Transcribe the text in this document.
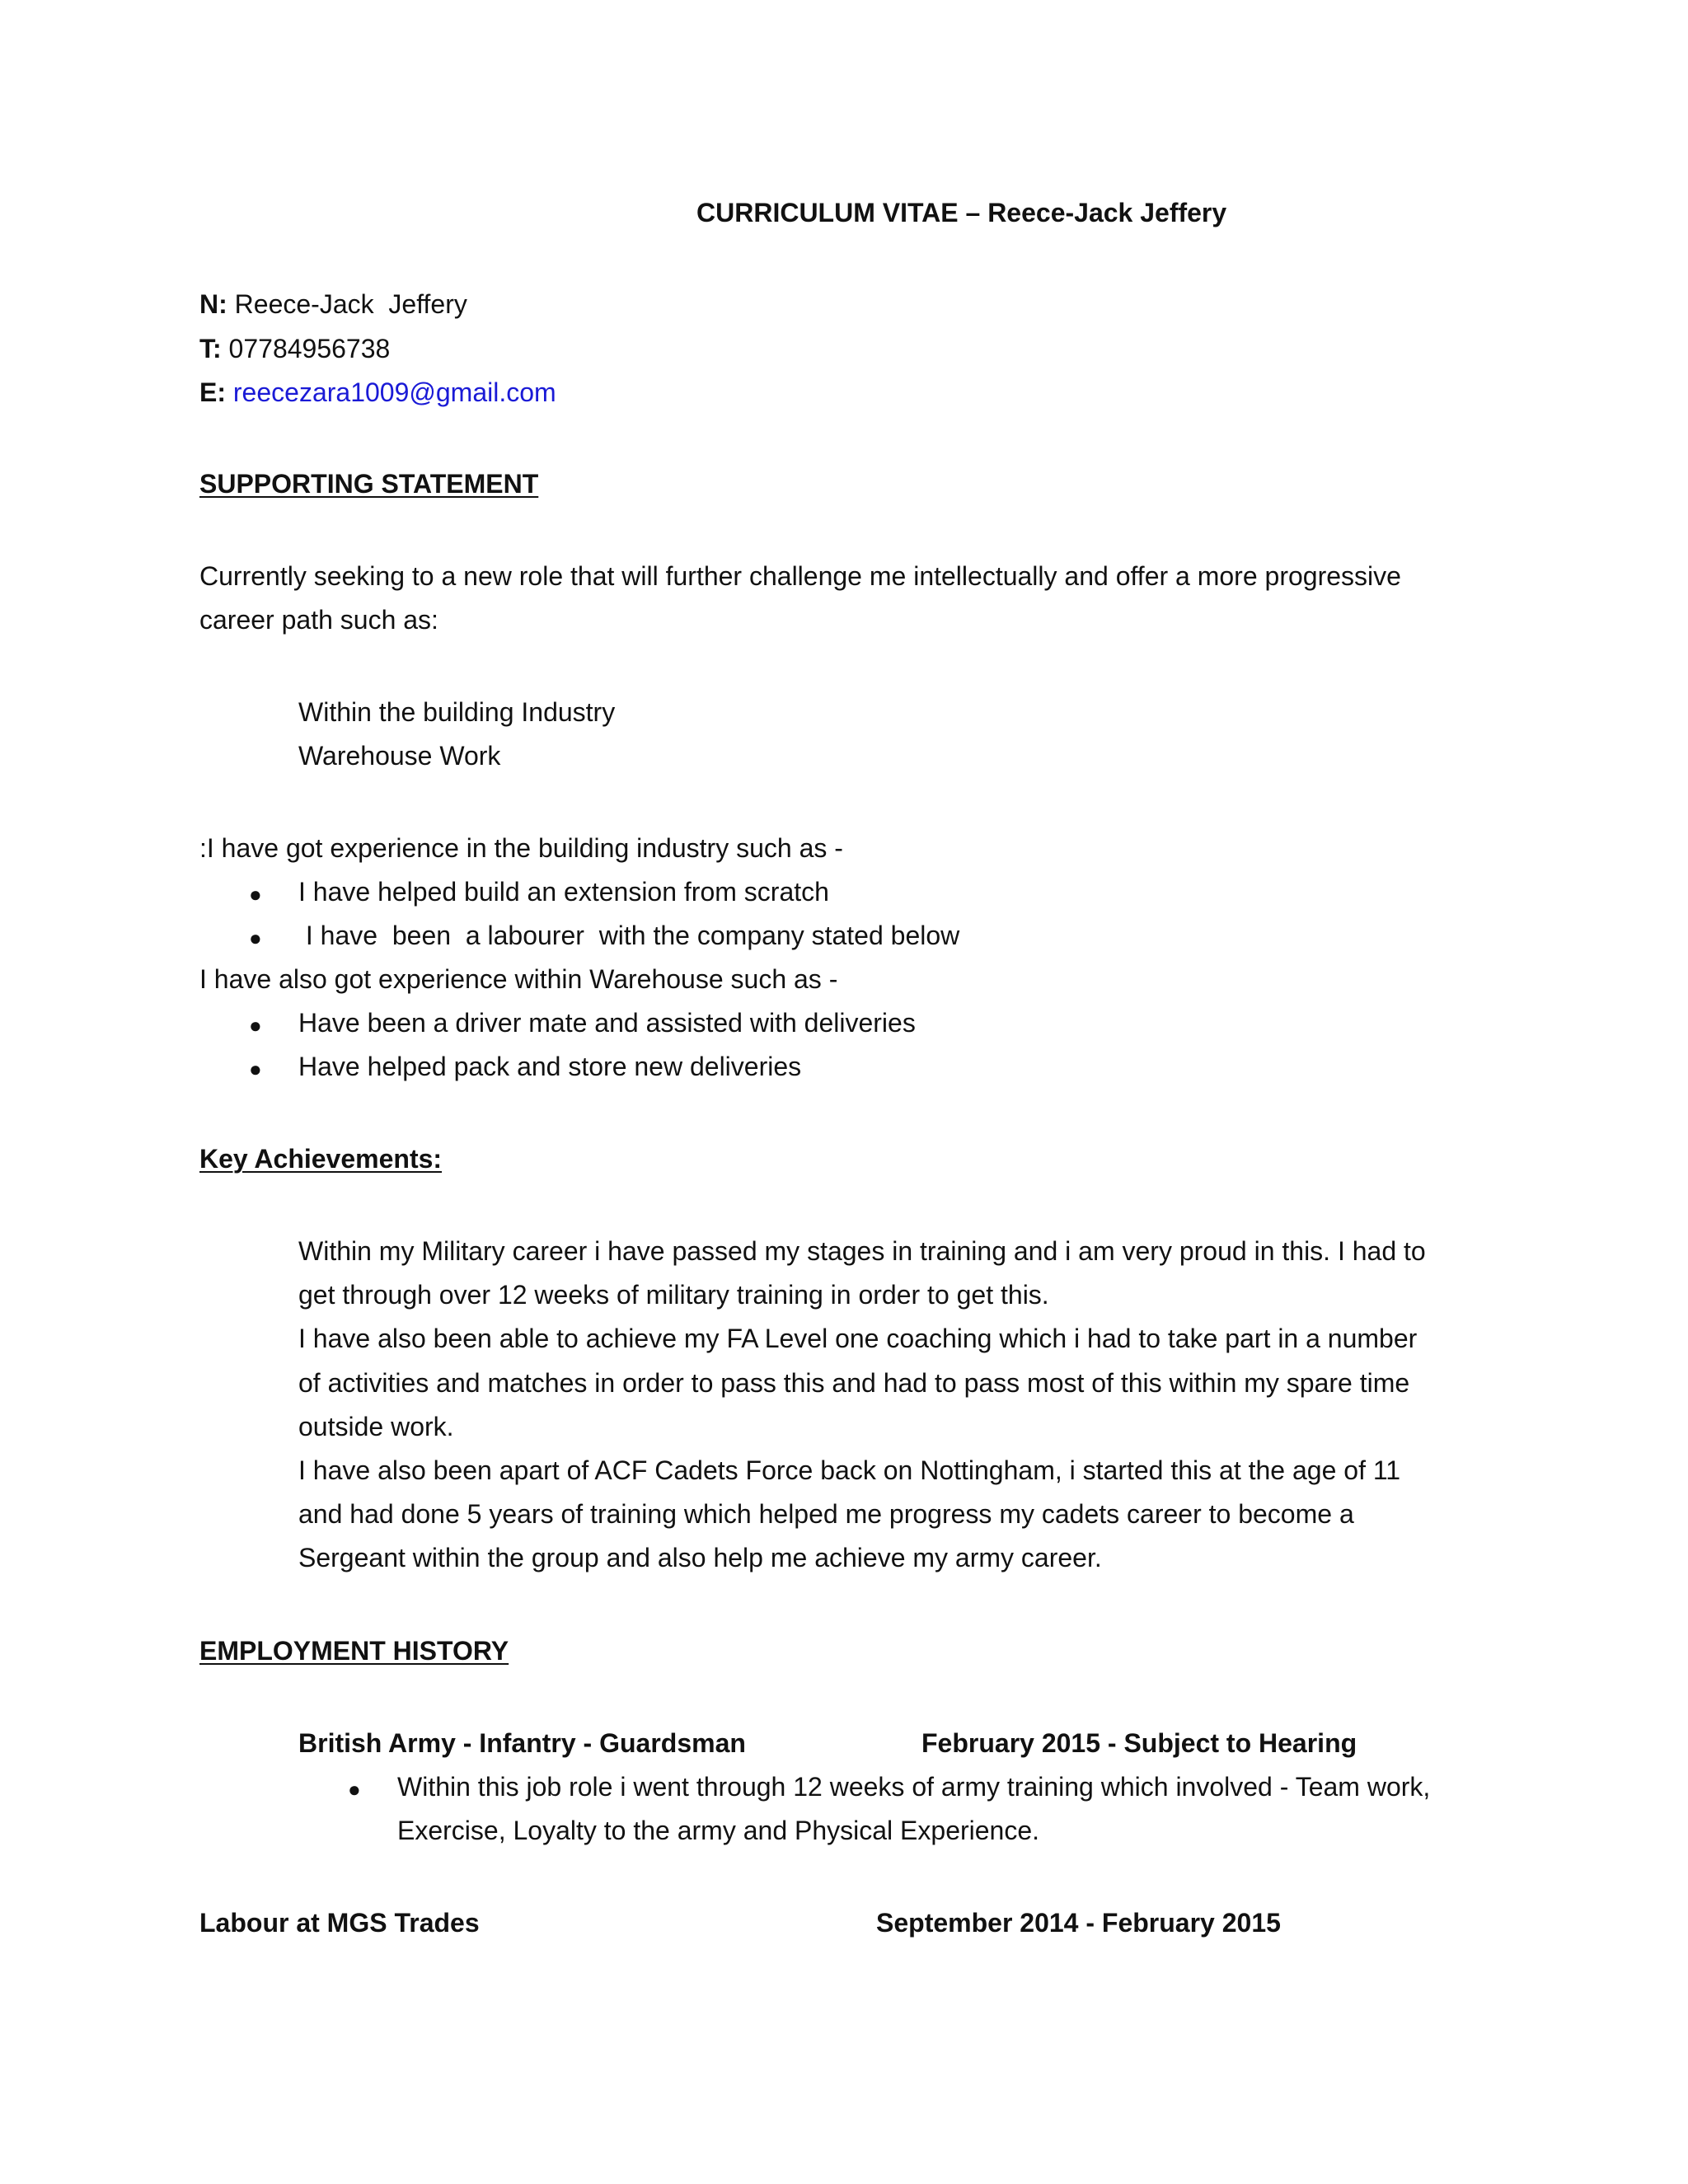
CURRICULUM VITAE – Reece-Jack Jeffery
N: Reece-Jack  Jeffery
T: 07784956738
E: reecezara1009@gmail.com
SUPPORTING STATEMENT
Currently seeking to a new role that will further challenge me intellectually and offer a more progressive
career path such as:
Within the building Industry
Warehouse Work
:I have got experience in the building industry such as -
● I have helped build an extension from scratch
● I have  been  a labourer  with the company stated below
I have also got experience within Warehouse such as -
● Have been a driver mate and assisted with deliveries
● Have helped pack and store new deliveries
Key Achievements:
Within my Military career i have passed my stages in training and i am very proud in this. I had to
get through over 12 weeks of military training in order to get this.
I have also been able to achieve my FA Level one coaching which i had to take part in a number
of activities and matches in order to pass this and had to pass most of this within my spare time
outside work.
I have also been apart of ACF Cadets Force back on Nottingham, i started this at the age of 11
and had done 5 years of training which helped me progress my cadets career to become a
Sergeant within the group and also help me achieve my army career.
EMPLOYMENT HISTORY
British Army - Infantry - Guardsman	February 2015 - Subject to Hearing
● Within this job role i went through 12 weeks of army training which involved - Team work,
Exercise, Loyalty to the army and Physical Experience.
Labour at MGS Trades	September 2014 - February 2015
